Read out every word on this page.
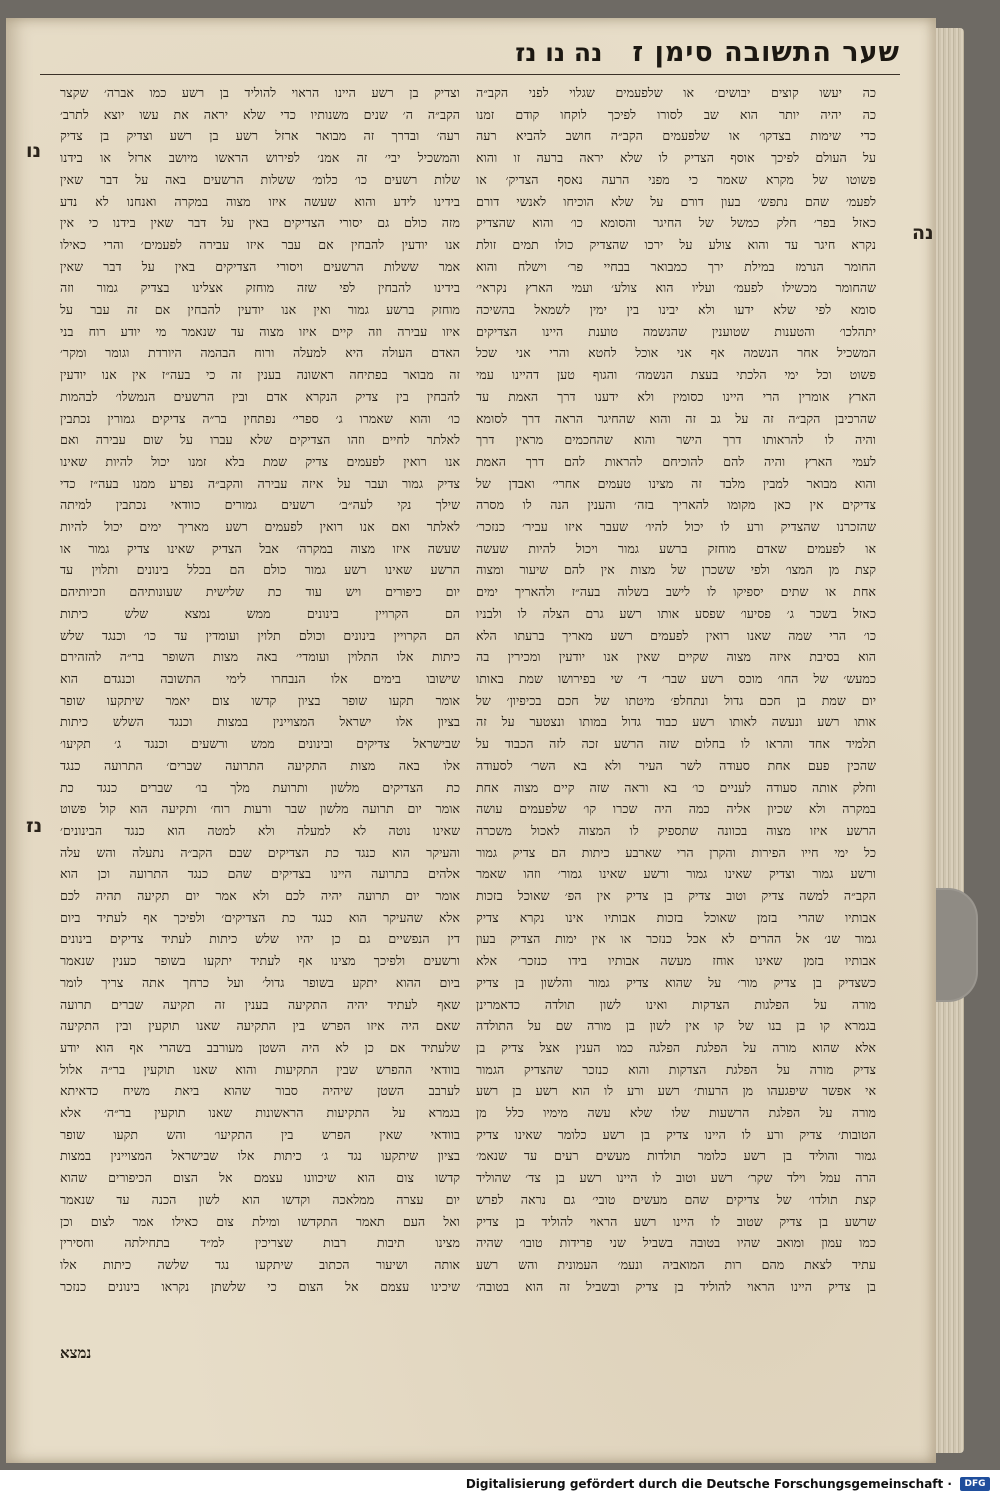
שער התשובה סימן ז
נה נו נז
נה
נו
נז
כה יעשו קוצים יבושים׳ או שלפעמים שגלוי לפני הקב״ה
כה יהיה יותר הוא שב לסורו לפיכך לוקחו קודם זמנו
כדי שימות בצדקו׳ או שלפעמים הקב״ה חושב להביא רעה
על העולם לפיכך אוסף הצדיק לו שלא יראה ברעה זו והוא
פשוטו של מקרא שאמר כי מפני הרעה נאסף הצדיק׳ או
לפעמ׳ שהם נתפש׳ בעון דורם על שלא הוכיחו לאנשי דורם
כאזל בפר׳ חלק כמשל של החיגר והסומא כו׳ והוא שהצדיק
נקרא חיגר עד והוא צולע על ירכו שהצדיק כולו תמים זולת
החומר הנרמז במילת ירך כמבואר בבחיי פר׳ וישלח והוא
שהחומר מכשילו לפעמ׳ ועליו הוא צולע׳ ועמי הארץ נקראי׳
סומא לפי שלא ידעו ולא יבינו בין ימין לשמאל בהשיכה
יתהלכו׳ והטענות שטוענין שהנשמה טוענת היינו הצדיקים
המשכיל אחר הנשמה אף אני אוכל לחטא והרי אני שכל
פשוט וכל ימי הלכתי בעצת הנשמה׳ והגוף טען דהיינו עמי
הארץ אומרין הרי היינו כסומין ולא ידענו דרך האמת עד
שהרכיבן הקב״ה זה על גב זה והוא שהחיגר הראה דרך לסומא
והיה לו להראותו דרך הישר והוא שהחכמים מראין דרך
לעמי הארץ והיה להם להוכיחם להראות להם דרך האמת
והוא מבואר למבין מלבד זה מצינו טעמים אחרי׳ ואבדן של
צדיקים אין כאן מקומו להאריך בזה׳ והענין הנה לו מסרה
שהזכרנו שהצדיק ורע לו יכול להיו׳ שעבר איזו עביר׳ כנזכר׳
או לפעמים שאדם מוחזק ברשע גמור ויכול להיות שעשה
קצת מן המצו׳ ולפי ששכרן של מצות אין להם שיעור ומצוה
אחת או שתים יספיקו לו לישב בשלוה בעה״ז ולהאריך ימים
כאזל בשכר ג׳ פסיעו׳ שפסע אותו רשע גרם הצלה לו ולבניו
כו׳ הרי שמה שאנו רואין לפעמים רשע מאריך ברעתו הלא
הוא בסיבת איזה מצוה שקיים שאין אנו יודעין ומכירין בה
כמעש׳ של החו׳ מוכס רשע שבר׳ ד׳ שי בפירושו שמת באותו
יום שמת בן חכם גדול ונתחלפ׳ מיטתו של חכם בכיפיון׳ של
אותו רשע ונעשה לאותו רשע כבוד גדול במותו ונצטער על זה
תלמיד אחד והראו לו בחלום שזה הרשע זכה לזה הכבוד על
שהכין פעם אחת סעודה לשר העיר ולא בא השר׳ לסעודה
וחלק אותה סעודה לעניים כו׳ בא וראה שזה קיים מצוה אחת
במקרה ולא שכיון אליה כמה היה שכרו קו׳ שלפעמים עושה
הרשע איזו מצוה בכוונה שתספיק לו המצוה לאכול משכרה
כל ימי חייו הפירות והקרן הרי שארבע כיתות הם צדיק גמור
ורשע גמור וצדיק שאינו גמור ורשע שאינו גמור׳ וזהו שאמר
הקב״ה למשה צדיק וטוב צדיק בן צדיק אין הפ׳ שאוכל בזכות
אבותיו שהרי בזמן שאוכל בזכות אבותיו אינו נקרא צדיק
גמור שנ׳ אל ההרים לא אכל כנזכר או אין ימות הצדיק בעון
אבותיו בזמן שאינו אוחז מעשה אבותיו בידו כנזכר׳ אלא
כשצדיק בן צדיק מור׳ על שהוא צדיק גמור והלשון בן צדיק
מורה על הפלגות הצדקות ואינו לשון תולדה כדאמרינן
בגמרא קו בן בנו של קו אין לשון בן מורה שם על התולדה
אלא שהוא מורה על הפלגת הפלגה כמו הענין אצל צדיק בן
צדיק מורה על הפלגת הצדקות והוא כנזכר שהצדיק הגמור
אי אפשר שיפגעהו מן הרעות׳ רשע ורע לו הוא רשע בן רשע
מורה על הפלגת הרשעות שלו שלא עשה מימיו כלל מן
הטובות׳ צדיק ורע לו היינו צדיק בן רשע כלומר שאינו צדיק
גמור והוליד בן רשע כלומר תולדות מעשים רעים עד שנאמ׳
הרה עמל וילד שקר׳ רשע וטוב לו היינו רשע בן צד׳ שהוליד
קצת תולדו׳ של צדיקים שהם מעשים טובי׳ גם נראה לפרש
שרשע בן צדיק שטוב לו היינו רשע הראוי להוליד בן צדיק
כמו עמון ומואב שהיו בטובה בשביל שני פרידות טובו׳ שהיה
עתיד לצאת מהם רות המואביה ונעמ׳ העמונית והש רשע
בן צדיק היינו הראוי להוליד בן צדיק ובשביל זה הוא בטובה׳
וצדיק בן רשע היינו הראוי להוליד בן רשע כמו אברה׳ שקצר
הקב״ה ה׳ שנים משנותיו כדי שלא יראה את עשו יוצא לתרב׳
רעה׳ ובדרך זה מבואר ארזל רשע בן רשע וצדיק בן צדיק
והמשכיל יבי׳ זה אמנ׳ לפירוש הראשו מיושב ארזל או בידנו
שלות רשעים כו׳ כלומ׳ ששלות הרשעים באה על דבר שאין
בידינו לידע והוא שעשה איזו מצוה במקרה ואנחנו לא נדע
מזה כולם גם יסורי הצדיקים באין על דבר שאין בידנו כי אין
אנו יודעין להבחין אם עבר איזו עבירה לפעמים׳ והרי כאילו
אמר ששלות הרשעים ויסורי הצדיקים באין על דבר שאין
בידינו להבחין לפי שזה מוחזק אצלינו בצדיק גמור וזה
מוחזק ברשע גמור ואין אנו יודעין להבחין אם זה עבר על
איזו עבירה וזה קיים איזו מצוה עד שנאמר מי יודע רוח בני
האדם העולה היא למעלה ורוח הבהמה היורדת וגומר ומקר׳
זה מבואר בפתיחה ראשונה בענין זה כי בעה״ז אין אנו יודעין
להבחין בין צדיק הנקרא אדם ובין הרשעים הנמשלו׳ לבהמות
כו׳ והוא שאמרו ג׳ ספרי׳ נפתחין בר״ה צדיקים גמורין נכתבין
לאלתר לחיים וזהו הצדיקים שלא עברו על שום עבירה ואם
אנו רואין לפעמים צדיק שמת בלא זמנו יכול להיות שאינו
צדיק גמור ועבר על איזה עבירה והקב״ה נפרע ממנו בעה״ז כדי
שילך נקי לעה״ב׳ רשעים גמורים כוודאי נכתבין למיתה
לאלתר ואם אנו רואין לפעמים רשע מאריך ימים יכול להיות
שעשה איזו מצוה במקרה׳ אבל הצדיק שאינו צדיק גמור או
הרשע שאינו רשע גמור כולם הם בכלל בינונים ותלוין עד
יום כיפורים ויש עוד כת שלישית שעונותיהם וזכיותיהם
הם הקרויין בינונים ממש נמצא שלש כיתות
הם הקרויין בינונים וכולם תלוין ועומדין עד כו׳ וכנגד שלש
כיתות אלו התלוין ועומדי׳ באה מצות השופר בר״ה להזהירם
שישובו בימים אלו הנבחרו לימי התשובה וכנגדם הוא
אומר תקעו שופר בציון קדשו צום יאמר שיתקעו שופר
בציון אלו ישראל המצויינין במצות וכנגד השלש כיתות
שבישראל צדיקים ובינונים ממש ורשעים וכנגד ג׳ תקיעו׳
אלו באה מצות התקיעה התרועה שברים׳ התרועה כנגד
כת הצדיקים מלשון ותרועת מלך בו׳ שברים כנגד כת
אומר יום תרועה מלשון שבר ורעות רוח׳ ותקיעה הוא קול פשוט
שאינו נוטה לא למעלה ולא למטה הוא כנגד הבינונים׳
והעיקר הוא כנגד כת הצדיקים שבם הקב״ה נתעלה והש עלה
אלהים בתרועה היינו בצדיקים שהם כנגד התרועה וכן הוא
אומר יום תרועה יהיה לכם ולא אמר יום תקיעה תהיה לכם
אלא שהעיקר הוא כנגד כת הצדיקים׳ ולפיכך אף לעתיד ביום
דין הנפשיים גם כן יהיו שלש כיתות לעתיד צדיקים בינונים
ורשעים ולפיכך מצינו אף לעתיד יתקעו בשופר כענין שנאמר
ביום ההוא יתקע בשופר גדול׳ ועל כרחך אתה צריך לומר
שאף לעתיד יהיה התקיעה בענין זה תקיעה שברים תרועה
שאם היה איזו הפרש בין התקיעה שאנו תוקעין ובין התקיעה
שלעתיד אם כן לא היה השטן מעורבב בשהרי אף הוא יודע
בוודאי ההפרש שבין התקיעות והוא שאנו תוקעין בר״ה אלול
לערבב השטן שיהיה סבור שהוא ביאת משיח כדאיתא
בגמרא על התקיעות הראשונות שאנו תוקעין בר״ה׳ אלא
בוודאי שאין הפרש בין התקיעו׳ והש תקעו שופר
בציון שיתקעו נגד ג׳ כיתות אלו שבישראל המצויינין במצות
קדשו צום הוא שיכוונו עצמם אל הצום הכיפורים שהוא
יום עצרה ממלאכה וקדשו הוא לשון הכנה עד שנאמר
ואל העם תאמר התקדשו ומילת צום כאילו אמר לצום וכן
מצינו תיבות רבות שצריכין למ״ד בתחילתה וחסירין
אותה ושיעור הכתוב שיתקעו נגד שלשה כיתות אלו
שיכינו עצמם אל הצום כי שלשתן נקראו בינונים כנזכר
נמצא
Digitalisierung gefördert durch die Deutsche Forschungsgemeinschaft ·	DFG
